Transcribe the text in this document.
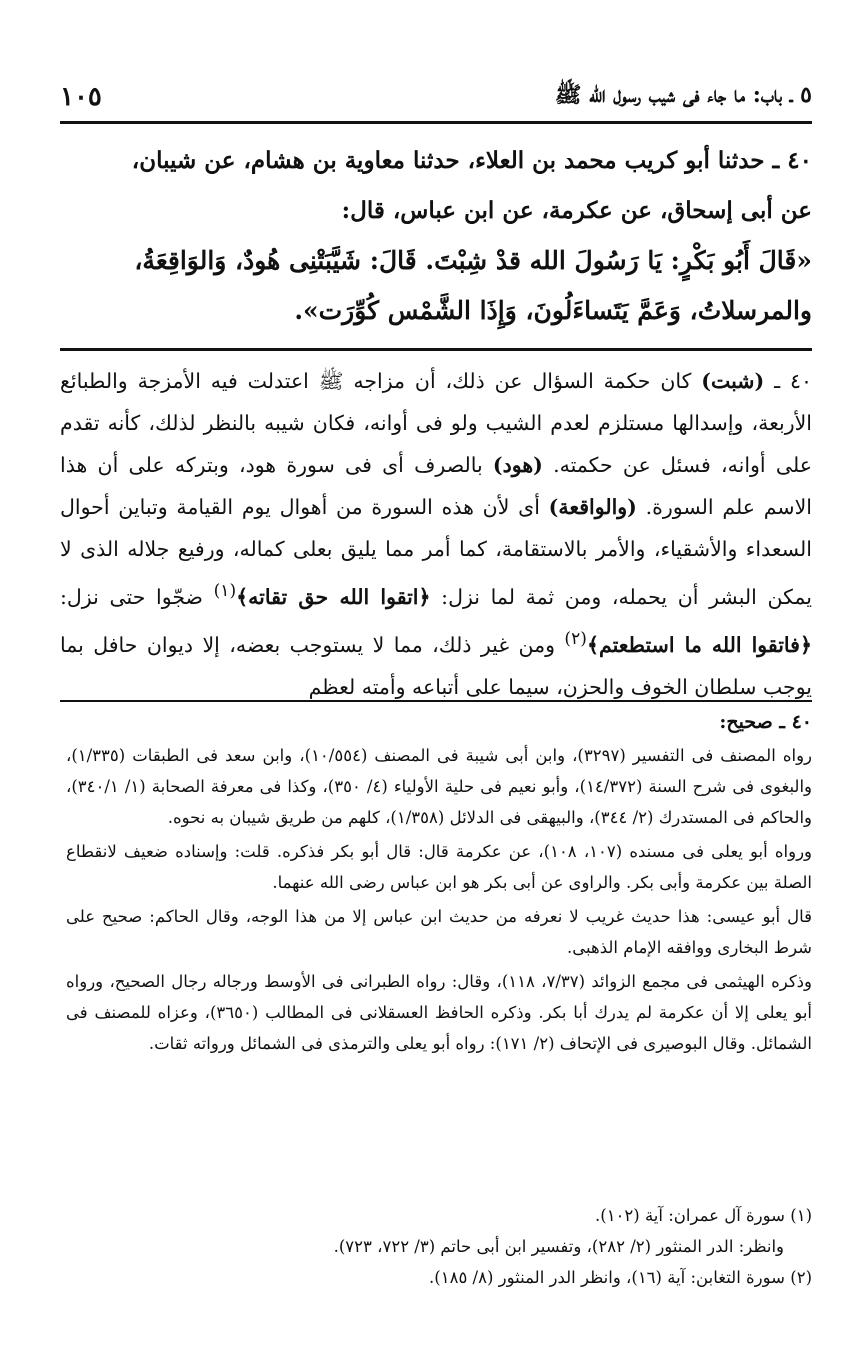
٥ ـ باب: ما جاء فى شيب رسول الله ﷺ
١٠٥

٤٠ ـ حدثنا أبو كريب محمد بن العلاء، حدثنا معاوية بن هشام، عن شيبان،

عن أبى إسحاق، عن عكرمة، عن ابن عباس، قال:

«قَالَ أَبُو بَكْرٍ: يَا رَسُولَ الله قدْ شِبْتَ. قَالَ: شَيَّبَتْنِى هُودٌ، وَالوَاقِعَةُ،

والمرسلاتُ، وَعَمَّ يَتَساءَلُونَ، وَإِذَا الشَّمْس كُوِّرَت».

٤٠ ـ (شبت) كان حكمة السؤال عن ذلك، أن مزاجه ﷺ اعتدلت فيه الأمزجة والطبائع الأربعة، وإسدالها مستلزم لعدم الشيب ولو فى أوانه، فكان شيبه بالنظر لذلك، كأنه تقدم على أوانه، فسئل عن حكمته. (هود) بالصرف أى فى سورة هود، وبتركه على أن هذا الاسم علم السورة. (والواقعة) أى لأن هذه السورة من أهوال يوم القيامة وتباين أحوال السعداء والأشقياء، والأمر بالاستقامة، كما أمر مما يليق بعلى كماله، ورفيع جلاله الذى لا يمكن البشر أن يحمله، ومن ثمة لما نزل: ﴿اتقوا الله حق تقاته﴾$^{(١)}$ ضجّوا حتى نزل: ﴿فاتقوا الله ما استطعتم﴾$^{(٢)}$ ومن غير ذلك، مما لا يستوجب بعضه، إلا ديوان حافل بما يوجب سلطان الخوف والحزن، سيما على أتباعه وأمته لعظم

٤٠ ـ صحيح:

رواه المصنف فى التفسير (٣٢٩٧)، وابن أبى شيبة فى المصنف (١٠/٥٥٤)، وابن سعد فى الطبقات (١/٣٣٥)، والبغوى فى شرح السنة (١٤/٣٧٢)، وأبو نعيم فى حلية الأولياء (٤/ ٣٥٠)، وكذا فى معرفة الصحابة (١/ ٣٤٠/١)، والحاكم فى المستدرك (٢/ ٣٤٤)، والبيهقى فى الدلائل (١/٣٥٨)، كلهم من طريق شيبان به نحوه.

ورواه أبو يعلى فى مسنده (١٠٧، ١٠٨)، عن عكرمة قال: قال أبو بكر فذكره. قلت: وإسناده ضعيف لانقطاع الصلة بين عكرمة وأبى بكر. والراوى عن أبى بكر هو ابن عباس رضى الله عنهما.

قال أبو عيسى: هذا حديث غريب لا نعرفه من حديث ابن عباس إلا من هذا الوجه، وقال الحاكم: صحيح على شرط البخارى ووافقه الإمام الذهبى.

وذكره الهيثمى فى مجمع الزوائد (٧/٣٧، ١١٨)، وقال: رواه الطبرانى فى الأوسط ورجاله رجال الصحيح، ورواه أبو يعلى إلا أن عكرمة لم يدرك أبا بكر. وذكره الحافظ العسقلانى فى المطالب (٣٦٥٠)، وعزاه للمصنف فى الشمائل. وقال البوصيرى فى الإتحاف (٢/ ١٧١): رواه أبو يعلى والترمذى فى الشمائل ورواته ثقات.

(١) سورة آل عمران: آية (١٠٢).

وانظر: الدر المنثور (٢/ ٢٨٢)، وتفسير ابن أبى حاتم (٣/ ٧٢٢، ٧٢٣).

(٢) سورة التغابن: آية (١٦)، وانظر الدر المنثور (٨/ ١٨٥).
